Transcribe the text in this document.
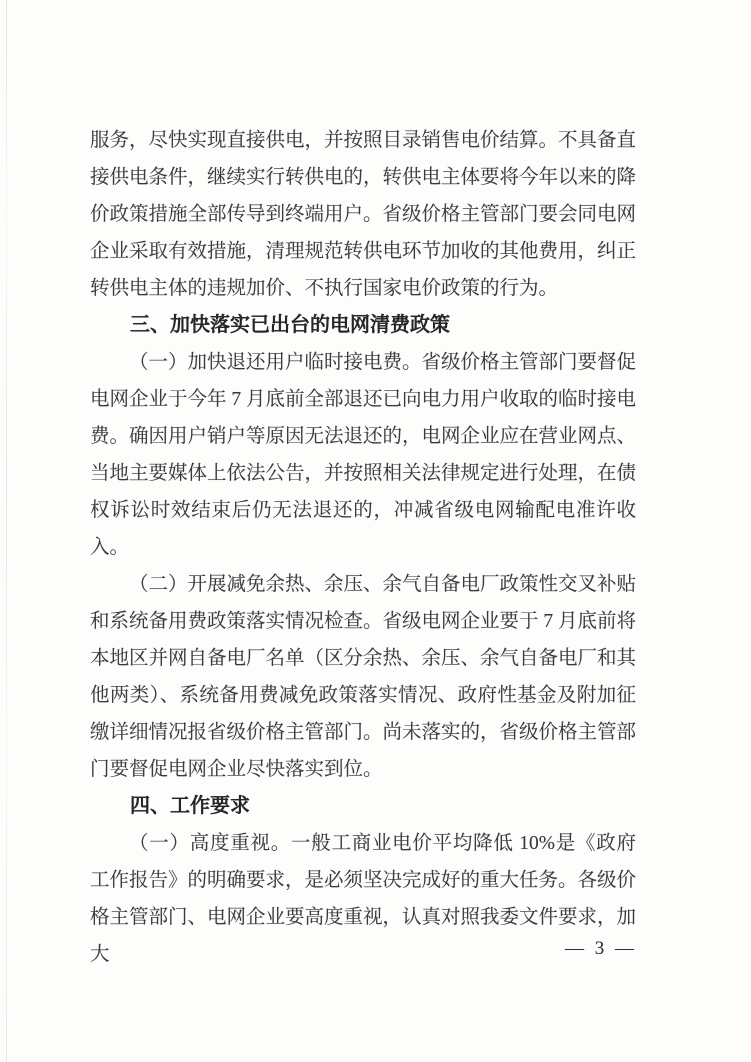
服务，尽快实现直接供电，并按照目录销售电价结算。不具备直接供电条件，继续实行转供电的，转供电主体要将今年以来的降价政策措施全部传导到终端用户。省级价格主管部门要会同电网企业采取有效措施，清理规范转供电环节加收的其他费用，纠正转供电主体的违规加价、不执行国家电价政策的行为。

三、加快落实已出台的电网清费政策

（一）加快退还用户临时接电费。省级价格主管部门要督促电网企业于今年 7 月底前全部退还已向电力用户收取的临时接电费。确因用户销户等原因无法退还的，电网企业应在营业网点、当地主要媒体上依法公告，并按照相关法律规定进行处理，在债权诉讼时效结束后仍无法退还的，冲减省级电网输配电准许收入。

（二）开展减免余热、余压、余气自备电厂政策性交叉补贴和系统备用费政策落实情况检查。省级电网企业要于 7 月底前将本地区并网自备电厂名单（区分余热、余压、余气自备电厂和其他两类）、系统备用费减免政策落实情况、政府性基金及附加征缴详细情况报省级价格主管部门。尚未落实的，省级价格主管部门要督促电网企业尽快落实到位。

四、工作要求

（一）高度重视。一般工商业电价平均降低 10%是《政府工作报告》的明确要求，是必须坚决完成好的重大任务。各级价格主管部门、电网企业要高度重视，认真对照我委文件要求，加大	— 3 —
